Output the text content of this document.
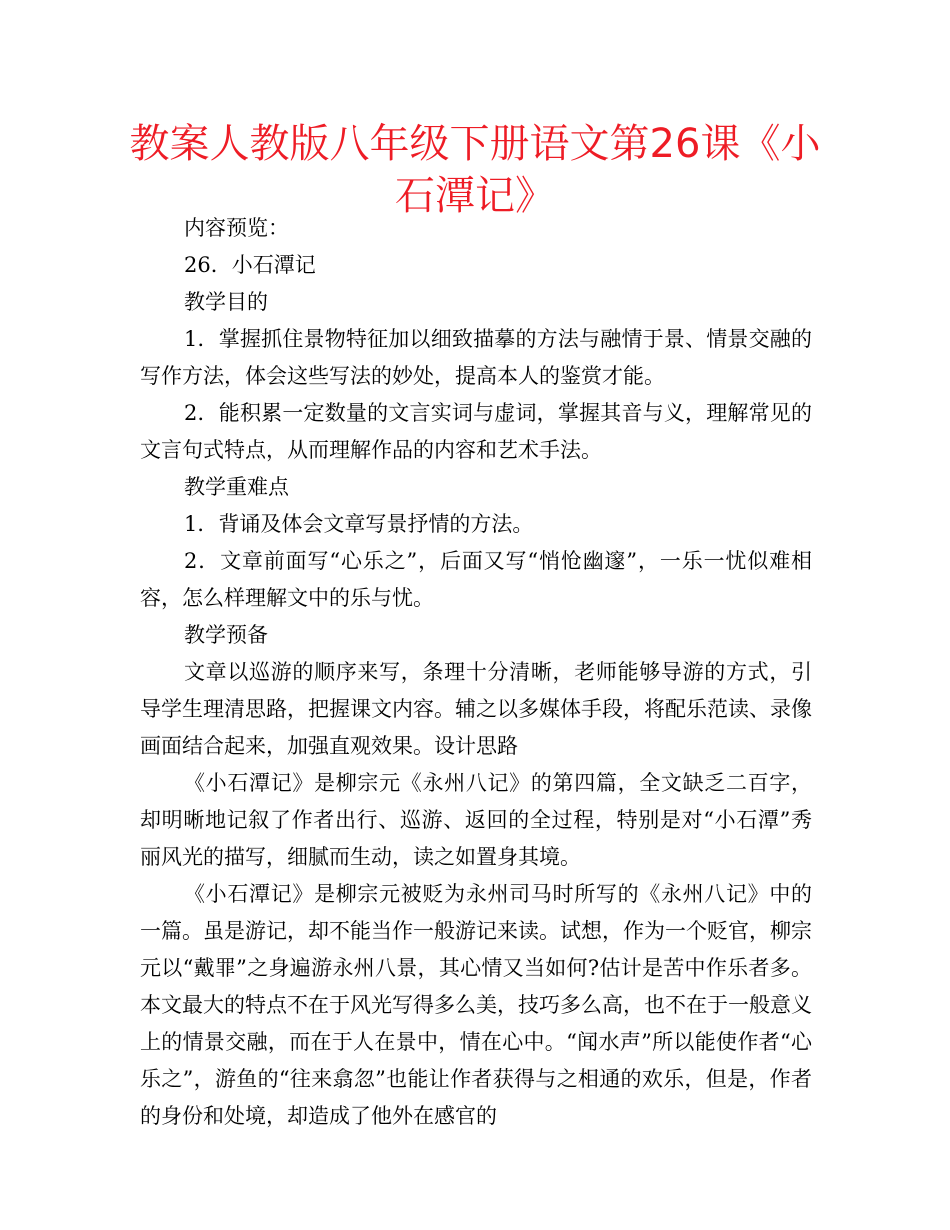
教案人教版八年级下册语文第26课《小石潭记》

内容预览：

26．小石潭记

教学目的

1．掌握抓住景物特征加以细致描摹的方法与融情于景、情景交融的写作方法，体会这些写法的妙处，提高本人的鉴赏才能。

2．能积累一定数量的文言实词与虚词，掌握其音与义，理解常见的文言句式特点，从而理解作品的内容和艺术手法。

教学重难点

1．背诵及体会文章写景抒情的方法。

2．文章前面写“心乐之”，后面又写“悄怆幽邃”，一乐一忧似难相容，怎么样理解文中的乐与忧。

教学预备

文章以巡游的顺序来写，条理十分清晰，老师能够导游的方式，引导学生理清思路，把握课文内容。辅之以多媒体手段，将配乐范读、录像画面结合起来，加强直观效果。设计思路

《小石潭记》是柳宗元《永州八记》的第四篇，全文缺乏二百字，却明晰地记叙了作者出行、巡游、返回的全过程，特别是对“小石潭”秀丽风光的描写，细腻而生动，读之如置身其境。

《小石潭记》是柳宗元被贬为永州司马时所写的《永州八记》中的一篇。虽是游记，却不能当作一般游记来读。试想，作为一个贬官，柳宗元以“戴罪”之身遍游永州八景，其心情又当如何?估计是苦中作乐者多。本文最大的特点不在于风光写得多么美，技巧多么高，也不在于一般意义上的情景交融，而在于人在景中，情在心中。“闻水声”所以能使作者“心乐之”，游鱼的“往来翕忽”也能让作者获得与之相通的欢乐，但是，作者的身份和处境，却造成了他外在感官的
